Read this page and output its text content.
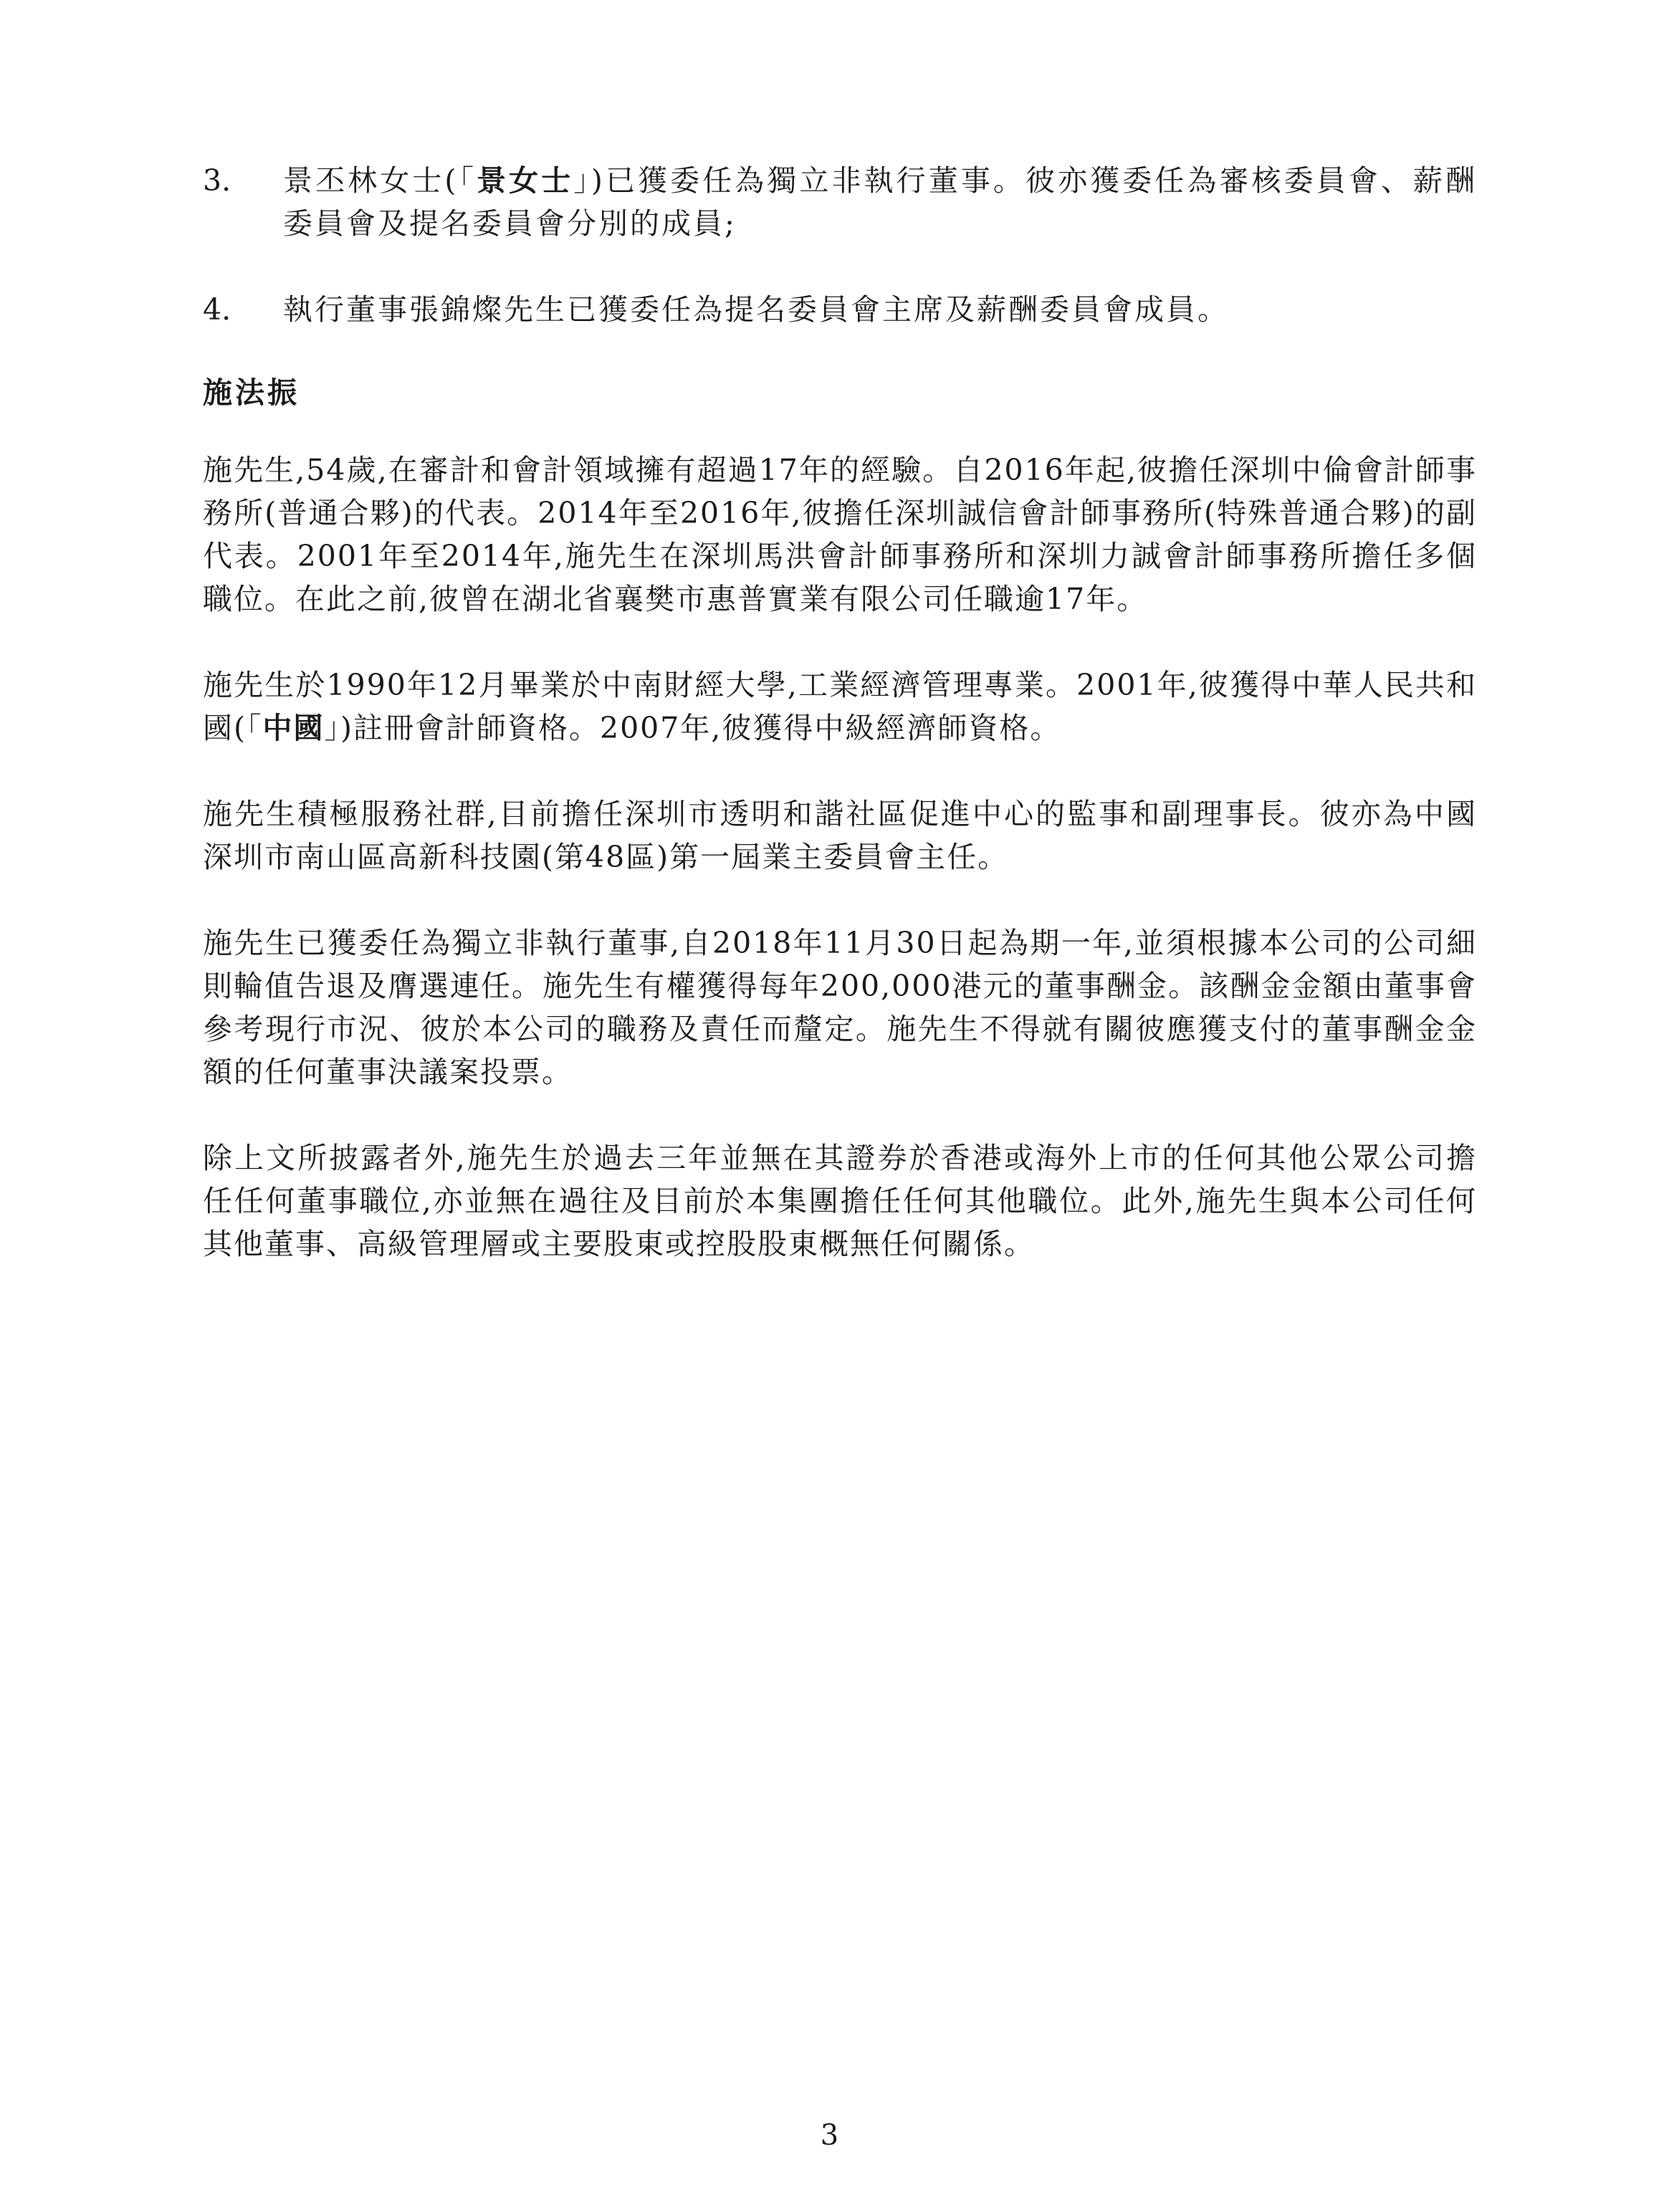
3.	景丕林女士(「景女士」)已獲委任為獨立非執行董事。彼亦獲委任為審核委員會、薪酬委員會及提名委員會分別的成員;
4.	執行董事張錦燦先生已獲委任為提名委員會主席及薪酬委員會成員。
施法振

施先生,54歲,在審計和會計領域擁有超過17年的經驗。自2016年起,彼擔任深圳中倫會計師事務所(普通合夥)的代表。2014年至2016年,彼擔任深圳誠信會計師事務所(特殊普通合夥)的副代表。2001年至2014年,施先生在深圳馬洪會計師事務所和深圳力誠會計師事務所擔任多個職位。在此之前,彼曾在湖北省襄樊市惠普實業有限公司任職逾17年。

施先生於1990年12月畢業於中南財經大學,工業經濟管理專業。2001年,彼獲得中華人民共和國(「中國」)註冊會計師資格。2007年,彼獲得中級經濟師資格。

施先生積極服務社群,目前擔任深圳市透明和諧社區促進中心的監事和副理事長。彼亦為中國深圳市南山區高新科技園(第48區)第一屆業主委員會主任。

施先生已獲委任為獨立非執行董事,自2018年11月30日起為期一年,並須根據本公司的公司細則輪值告退及膺選連任。施先生有權獲得每年200,000港元的董事酬金。該酬金金額由董事會參考現行市況、彼於本公司的職務及責任而釐定。施先生不得就有關彼應獲支付的董事酬金金額的任何董事決議案投票。

除上文所披露者外,施先生於過去三年並無在其證券於香港或海外上市的任何其他公眾公司擔任任何董事職位,亦並無在過往及目前於本集團擔任任何其他職位。此外,施先生與本公司任何其他董事、高級管理層或主要股東或控股股東概無任何關係。

3
